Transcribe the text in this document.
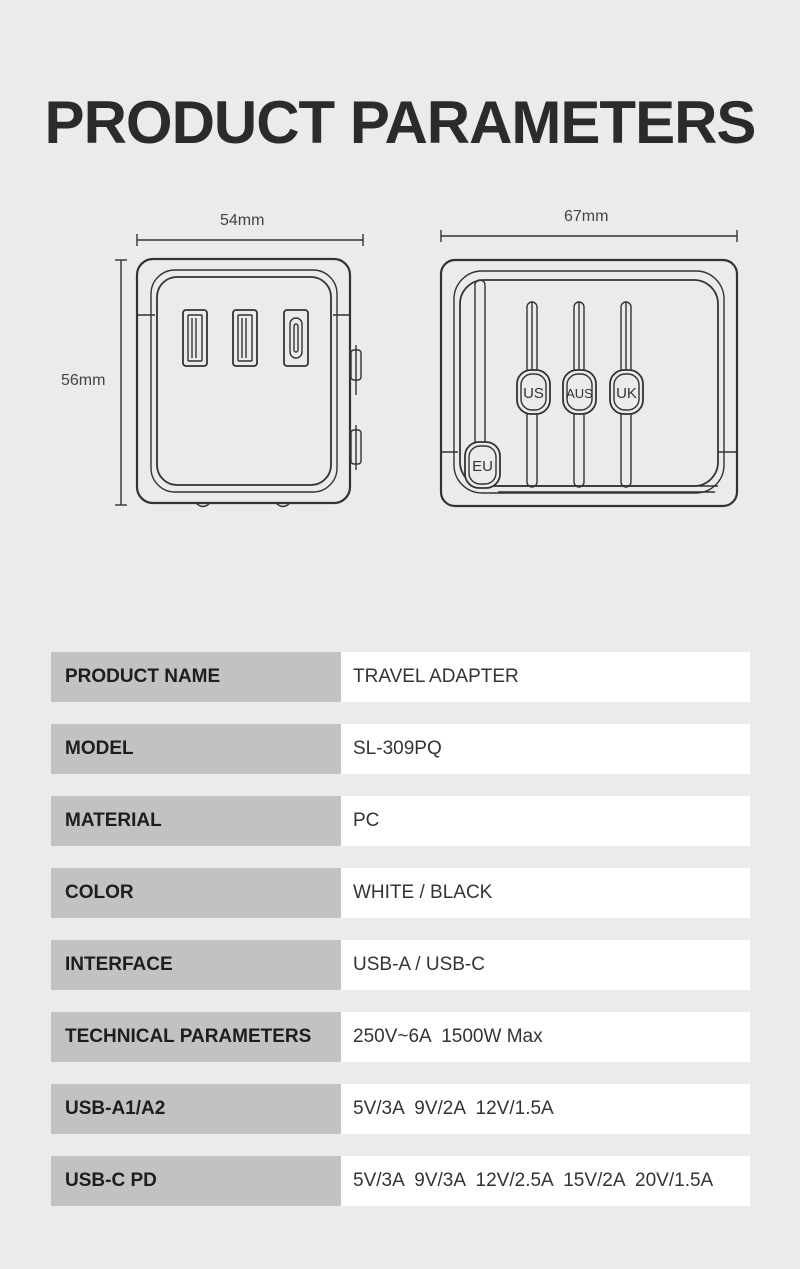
PRODUCT PARAMETERS
54mm
56mm
67mm
US AUS UK
EU
PRODUCT NAME	TRAVEL ADAPTER
MODEL	SL-309PQ
MATERIAL	PC
COLOR	WHITE / BLACK
INTERFACE	USB-A / USB-C
TECHNICAL PARAMETERS	250V~6A  1500W Max
USB-A1/A2	5V/3A  9V/2A  12V/1.5A
USB-C PD	5V/3A  9V/3A  12V/2.5A  15V/2A  20V/1.5A
